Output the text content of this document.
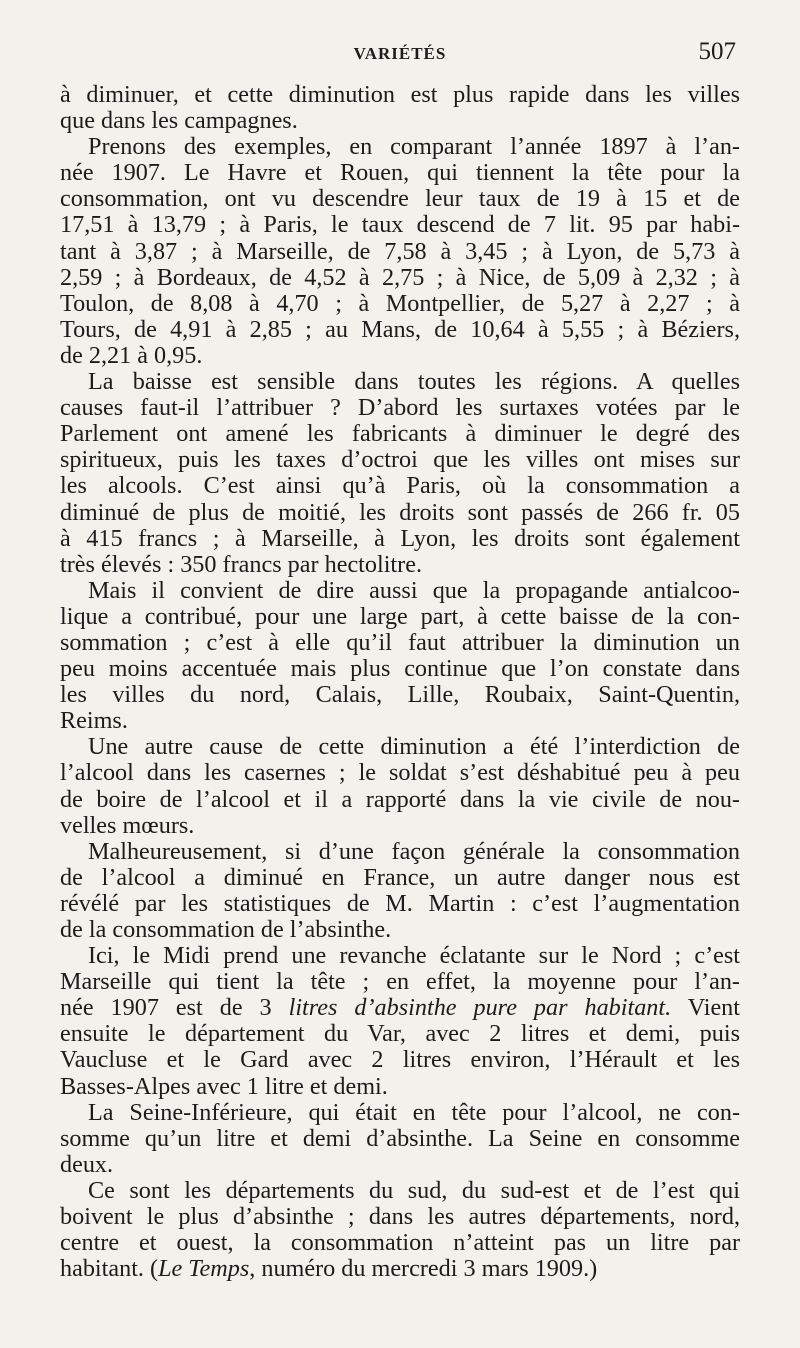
VARIÉTÉS	507
à diminuer, et cette diminution est plus rapide dans les villes
que dans les campagnes.
Prenons des exemples, en comparant l’année 1897 à l’an-
née 1907. Le Havre et Rouen, qui tiennent la tête pour la
consommation, ont vu descendre leur taux de 19 à 15 et de
17,51 à 13,79 ; à Paris, le taux descend de 7 lit. 95 par habi-
tant à 3,87 ; à Marseille, de 7,58 à 3,45 ; à Lyon, de 5,73 à
2,59 ; à Bordeaux, de 4,52 à 2,75 ; à Nice, de 5,09 à 2,32 ; à
Toulon, de 8,08 à 4,70 ; à Montpellier, de 5,27 à 2,27 ; à
Tours, de 4,91 à 2,85 ; au Mans, de 10,64 à 5,55 ; à Béziers,
de 2,21 à 0,95.
La baisse est sensible dans toutes les régions. A quelles
causes faut-il l’attribuer ? D’abord les surtaxes votées par le
Parlement ont amené les fabricants à diminuer le degré des
spiritueux, puis les taxes d’octroi que les villes ont mises sur
les alcools. C’est ainsi qu’à Paris, où la consommation a
diminué de plus de moitié, les droits sont passés de 266 fr. 05
à 415 francs ; à Marseille, à Lyon, les droits sont également
très élevés : 350 francs par hectolitre.
Mais il convient de dire aussi que la propagande antialcoo-
lique a contribué, pour une large part, à cette baisse de la con-
sommation ; c’est à elle qu’il faut attribuer la diminution un
peu moins accentuée mais plus continue que l’on constate dans
les villes du nord, Calais, Lille, Roubaix, Saint-Quentin,
Reims.
Une autre cause de cette diminution a été l’interdiction de
l’alcool dans les casernes ; le soldat s’est déshabitué peu à peu
de boire de l’alcool et il a rapporté dans la vie civile de nou-
velles mœurs.
Malheureusement, si d’une façon générale la consommation
de l’alcool a diminué en France, un autre danger nous est
révélé par les statistiques de M. Martin : c’est l’augmentation
de la consommation de l’absinthe.
Ici, le Midi prend une revanche éclatante sur le Nord ; c’est
Marseille qui tient la tête ; en effet, la moyenne pour l’an-
née 1907 est de 3 litres d’absinthe pure par habitant. Vient
ensuite le département du Var, avec 2 litres et demi, puis
Vaucluse et le Gard avec 2 litres environ, l’Hérault et les
Basses-Alpes avec 1 litre et demi.
La Seine-Inférieure, qui était en tête pour l’alcool, ne con-
somme qu’un litre et demi d’absinthe. La Seine en consomme
deux.
Ce sont les départements du sud, du sud-est et de l’est qui
boivent le plus d’absinthe ; dans les autres départements, nord,
centre et ouest, la consommation n’atteint pas un litre par
habitant. (Le Temps, numéro du mercredi 3 mars 1909.)
